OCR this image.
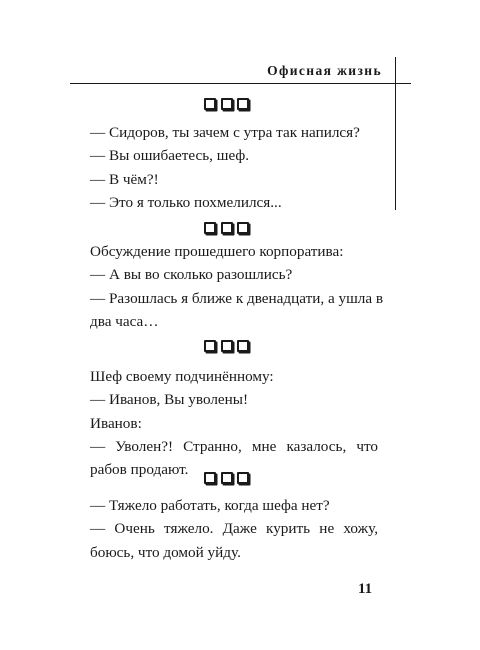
Офисная жизнь

— Сидоров, ты зачем с утра так напился?

— Вы ошибаетесь, шеф.

— В чём?!

— Это я только похмелился...

Обсуждение прошедшего корпоратива:

— А вы во сколько разошлись?

— Разошлась я ближе к двенадцати, а ушла в

два часа…

Шеф своему подчинённому:

— Иванов, Вы уволены!

Иванов:

— Уволен?! Странно, мне казалось, что

рабов продают.

— Тяжело работать, когда шефа нет?

— Очень тяжело. Даже курить не хожу,

боюсь, что домой уйду.

11
